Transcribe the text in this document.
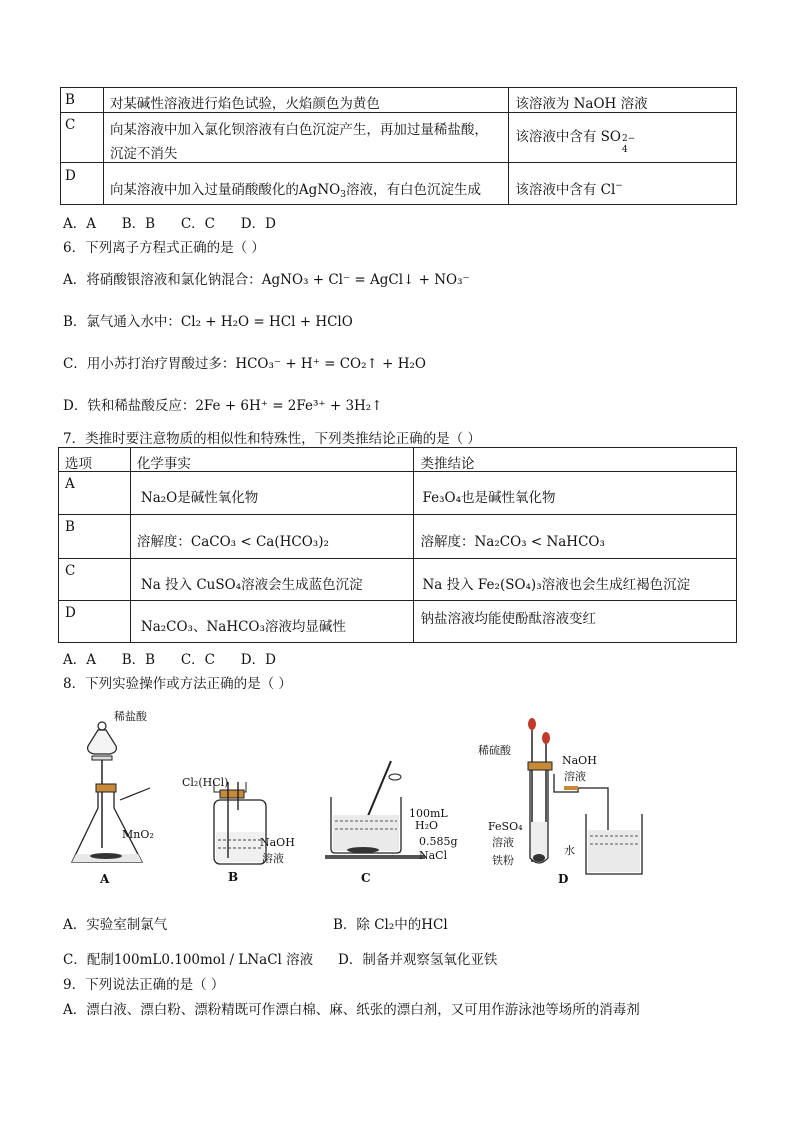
B	对某碱性溶液进行焰色试验，火焰颜色为黄色	该溶液为 NaOH 溶液

C	向某溶液中加入氯化钡溶液有白色沉淀产生，再加过量稀盐酸，
沉淀不消失	该溶液中含有 SO 2−
4

D	向某溶液中加入过量硝酸酸化的AgNO$_3$溶液，有白色沉淀生成	该溶液中含有 Cl−
A．A      B．B      C．C      D．D
6．下列离子方程式正确的是（ ）
A．将硝酸银溶液和氯化钠混合：AgNO₃ + Cl⁻ = AgCl↓ + NO₃⁻
B．氯气通入水中：Cl₂ + H₂O = HCl + HClO
C．用小苏打治疗胃酸过多：HCO₃⁻ + H⁺ = CO₂↑ + H₂O
D．铁和稀盐酸反应：2Fe + 6H⁺ = 2Fe³⁺ + 3H₂↑
7．类推时要注意物质的相似性和特殊性，下列类推结论正确的是（ ）
选项	化学事实	类推结论

A	Na₂O是碱性氧化物	Fe₃O₄也是碱性氧化物

B	溶解度：CaCO₃ < Ca(HCO₃)₂	溶解度：Na₂CO₃ < NaHCO₃

C	Na 投入 CuSO₄溶液会生成蓝色沉淀	Na 投入 Fe₂(SO₄)₃溶液也会生成红褐色沉淀

D	Na₂CO₃、NaHCO₃溶液均显碱性	钠盐溶液均能使酚酞溶液变红
A．A      B．B      C．C      D．D
8．下列实验操作或方法正确的是（ ）
稀盐酸
MnO₂
A
Cl₂(HCl)
NaOH
溶液
B
100mL
H₂O
0.585g
NaCl
C
稀硫酸
NaOH
溶液
FeSO₄
溶液
铁粉
水
D
A．实验室制氯气	B．除 Cl₂中的HCl
C．配制100mL0.100mol / LNaCl 溶液 D．制备并观察氢氧化亚铁
9．下列说法正确的是（ ）
A．漂白液、漂白粉、漂粉精既可作漂白棉、麻、纸张的漂白剂，又可用作游泳池等场所的消毒剂
